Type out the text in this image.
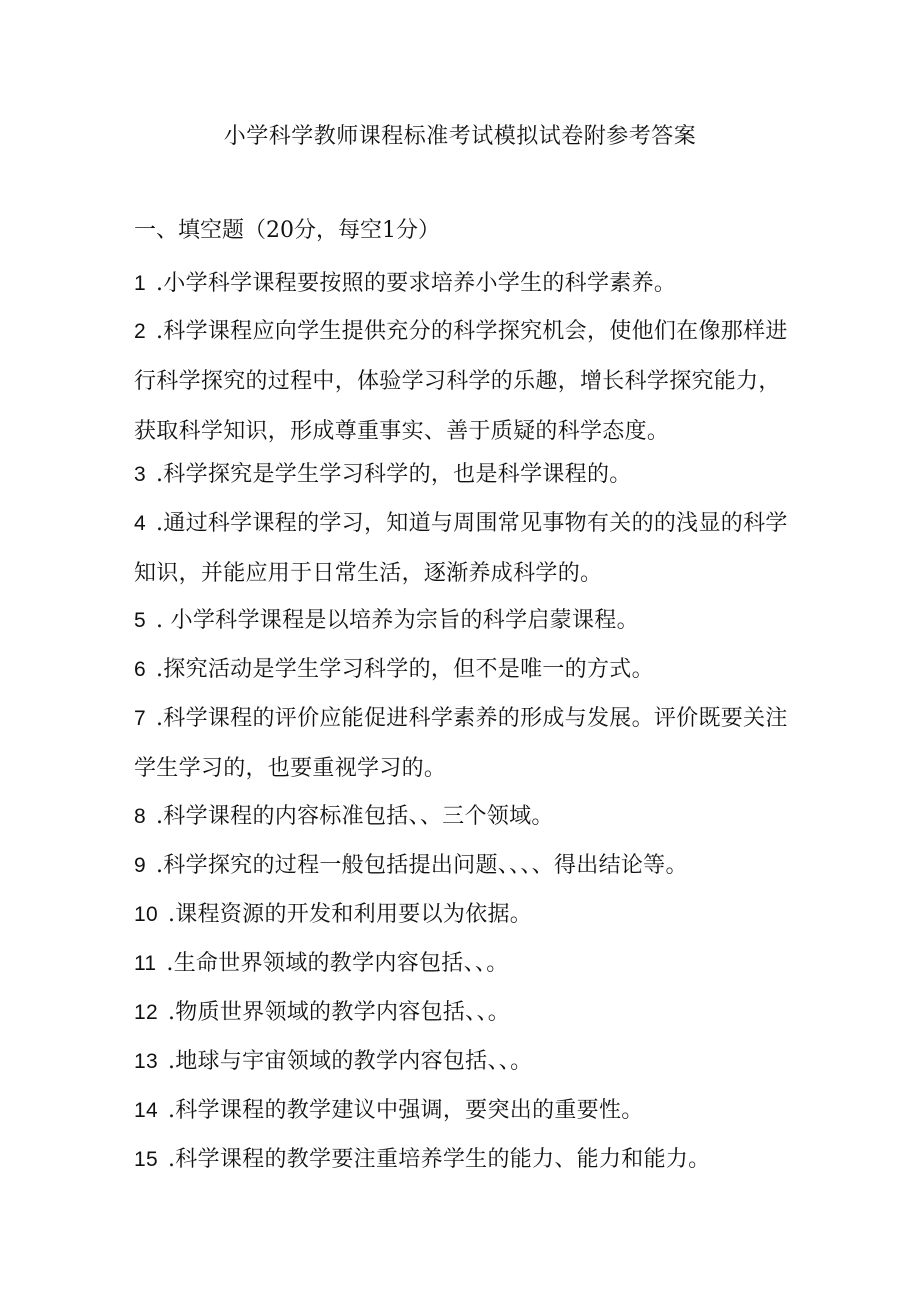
小学科学教师课程标准考试模拟试卷附参考答案
一、填空题（20分，每空1分）
1 .小学科学课程要按照的要求培养小学生的科学素养。
2 .科学课程应向学生提供充分的科学探究机会，使他们在像那样进行科学探究的过程中，体验学习科学的乐趣，增长科学探究能力，获取科学知识，形成尊重事实、善于质疑的科学态度。
3 .科学探究是学生学习科学的，也是科学课程的。
4 .通过科学课程的学习，知道与周围常见事物有关的的浅显的科学知识，并能应用于日常生活，逐渐养成科学的。
5 . 小学科学课程是以培养为宗旨的科学启蒙课程。
6 .探究活动是学生学习科学的，但不是唯一的方式。
7 .科学课程的评价应能促进科学素养的形成与发展。评价既要关注学生学习的，也要重视学习的。
8 .科学课程的内容标准包括、、三个领域。
9 .科学探究的过程一般包括提出问题、、、、得出结论等。
10 .课程资源的开发和利用要以为依据。
11 .生命世界领域的教学内容包括、、。
12 .物质世界领域的教学内容包括、、。
13 .地球与宇宙领域的教学内容包括、、。
14 .科学课程的教学建议中强调，要突出的重要性。
15 .科学课程的教学要注重培养学生的能力、能力和能力。
